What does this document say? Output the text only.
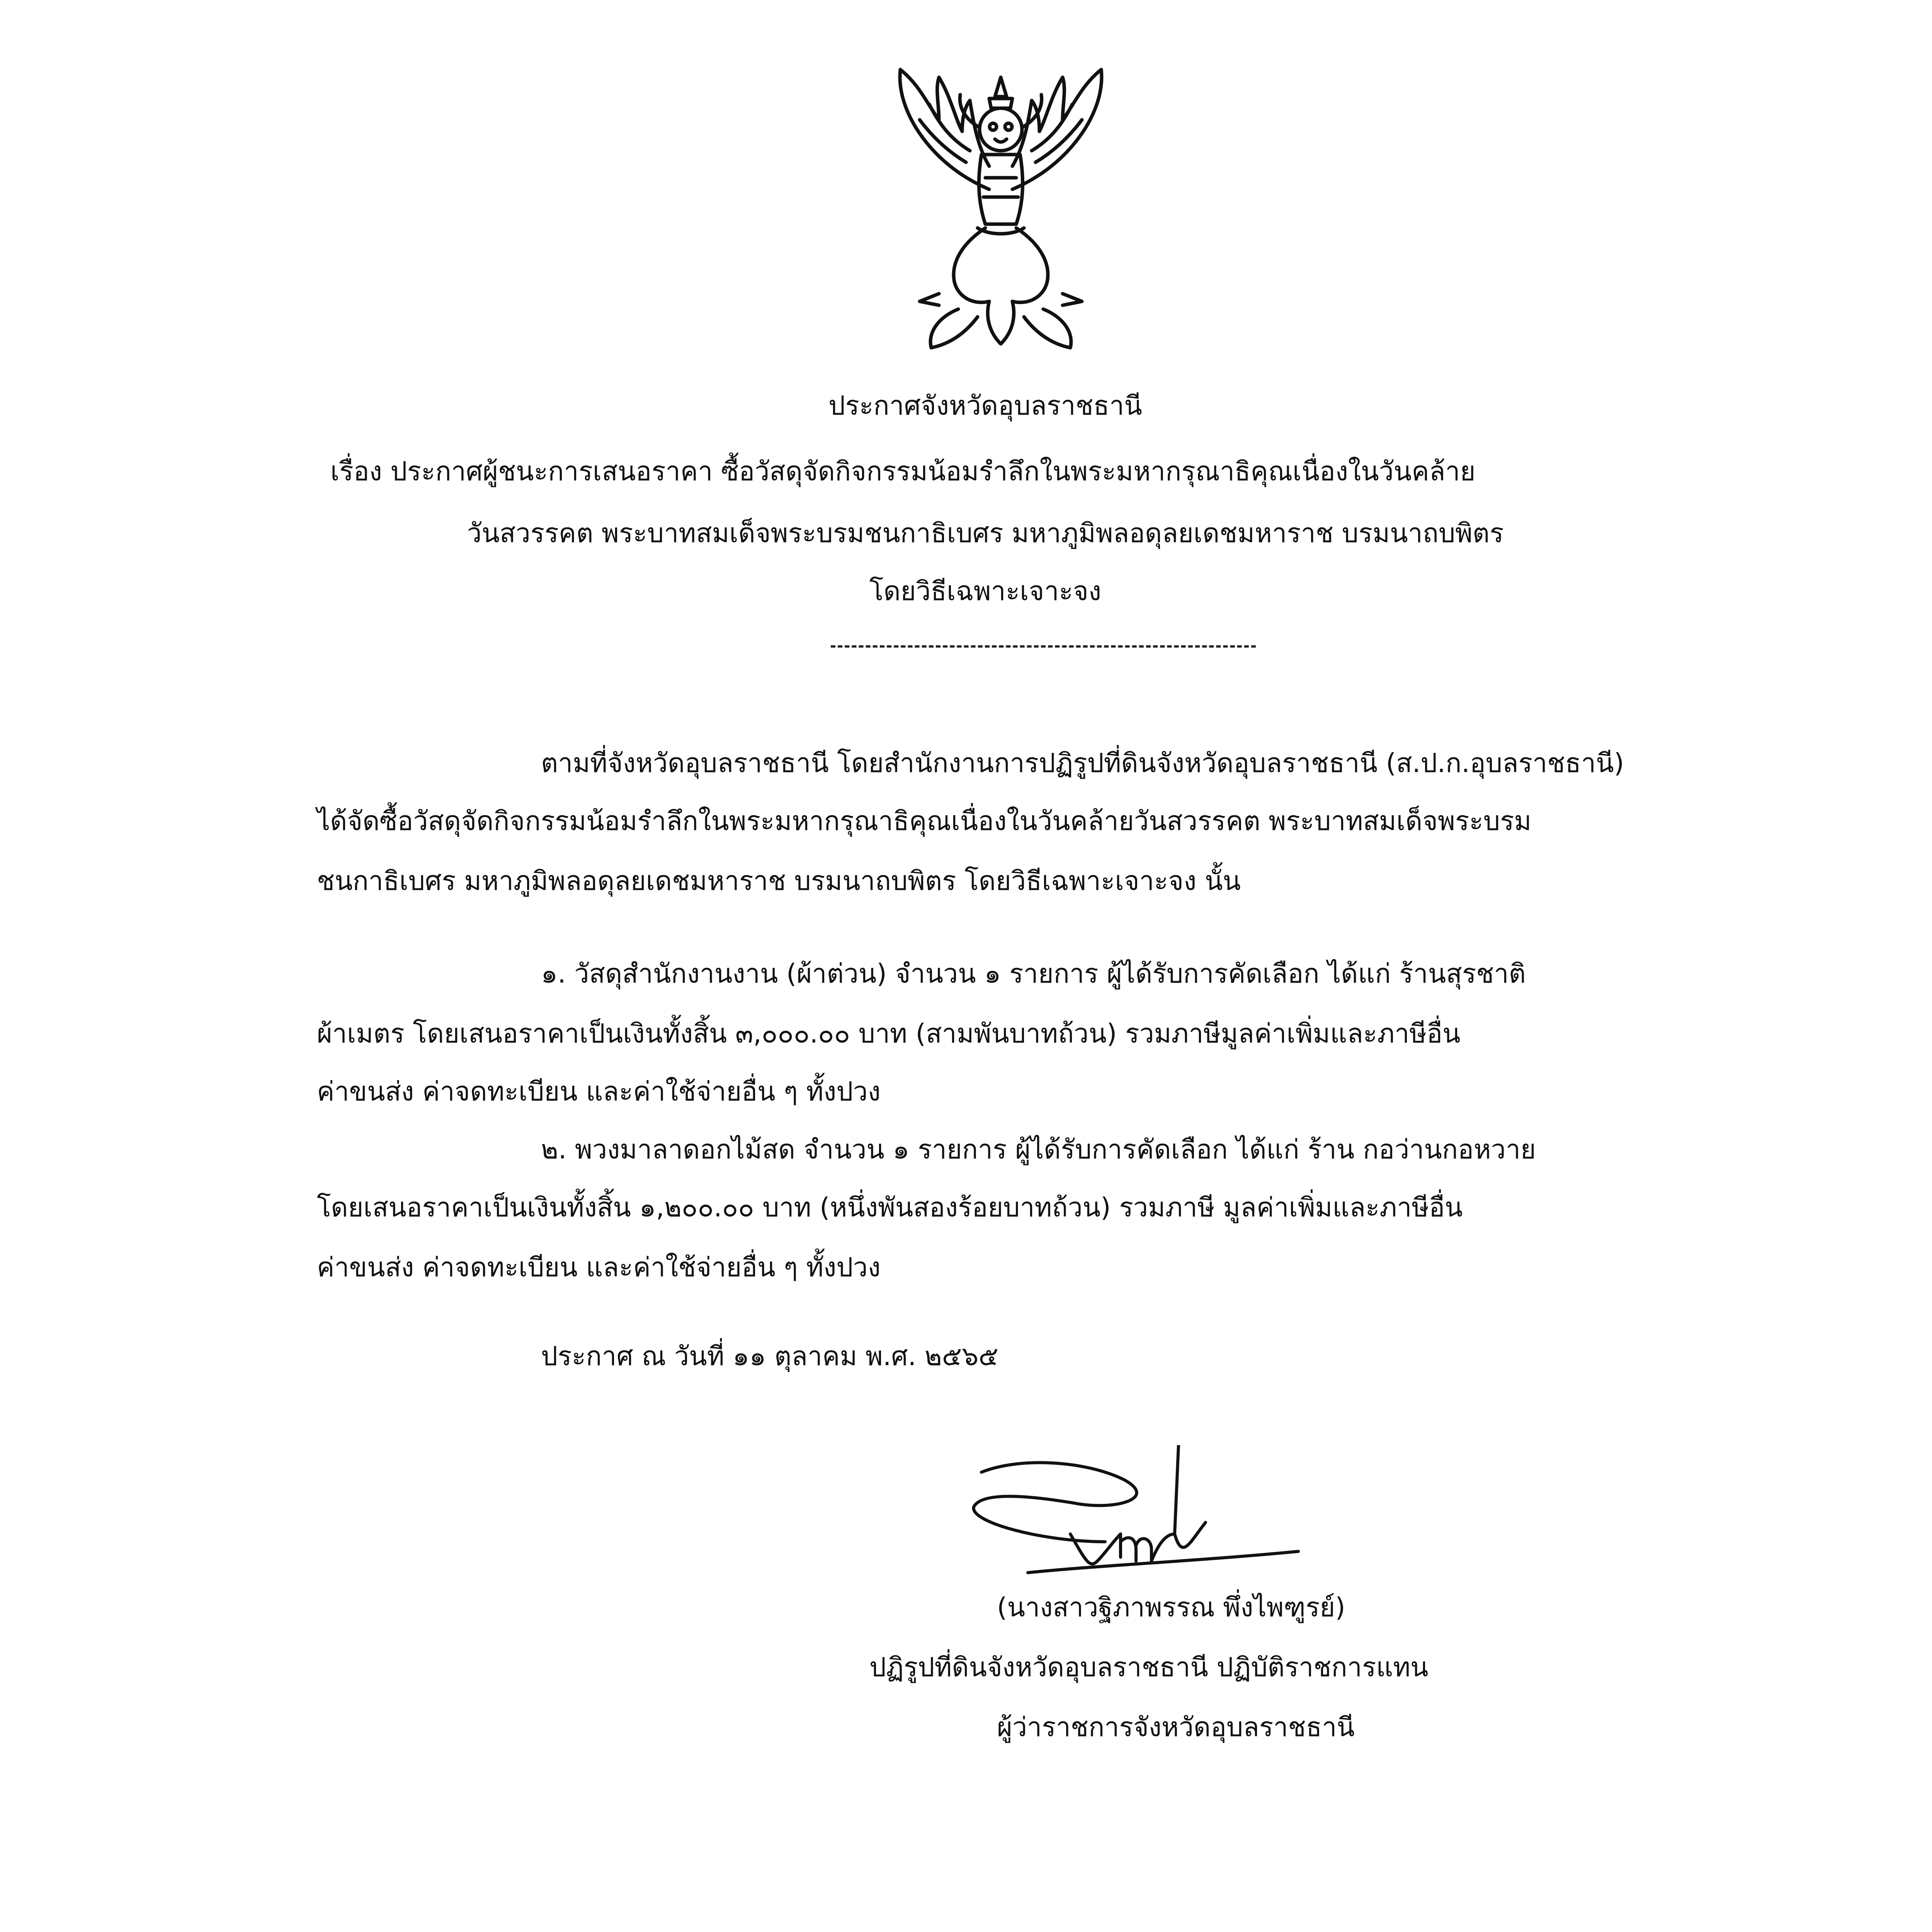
ประกาศจังหวัดอุบลราชธานี
เรื่อง ประกาศผู้ชนะการเสนอราคา ซื้อวัสดุจัดกิจกรรมน้อมรำลึกในพระมหากรุณาธิคุณเนื่องในวันคล้าย
วันสวรรคต พระบาทสมเด็จพระบรมชนกาธิเบศร มหาภูมิพลอดุลยเดชมหาราช บรมนาถบพิตร
โดยวิธีเฉพาะเจาะจง
ตามที่จังหวัดอุบลราชธานี โดยสำนักงานการปฏิรูปที่ดินจังหวัดอุบลราชธานี (ส.ป.ก.อุบลราชธานี)
ได้จัดซื้อวัสดุจัดกิจกรรมน้อมรำลึกในพระมหากรุณาธิคุณเนื่องในวันคล้ายวันสวรรคต พระบาทสมเด็จพระบรม
ชนกาธิเบศร มหาภูมิพลอดุลยเดชมหาราช บรมนาถบพิตร โดยวิธีเฉพาะเจาะจง นั้น
๑. วัสดุสำนักงานงาน (ผ้าต่วน) จำนวน ๑ รายการ ผู้ได้รับการคัดเลือก ได้แก่ ร้านสุรชาติ
ผ้าเมตร โดยเสนอราคาเป็นเงินทั้งสิ้น ๓,๐๐๐.๐๐ บาท (สามพันบาทถ้วน) รวมภาษีมูลค่าเพิ่มและภาษีอื่น
ค่าขนส่ง ค่าจดทะเบียน และค่าใช้จ่ายอื่น ๆ ทั้งปวง
๒. พวงมาลาดอกไม้สด จำนวน ๑ รายการ ผู้ได้รับการคัดเลือก ได้แก่ ร้าน กอว่านกอหวาย
โดยเสนอราคาเป็นเงินทั้งสิ้น ๑,๒๐๐.๐๐ บาท (หนึ่งพันสองร้อยบาทถ้วน) รวมภาษี มูลค่าเพิ่มและภาษีอื่น
ค่าขนส่ง ค่าจดทะเบียน และค่าใช้จ่ายอื่น ๆ ทั้งปวง
ประกาศ ณ วันที่ ๑๑ ตุลาคม พ.ศ. ๒๕๖๕
(นางสาวฐิภาพรรณ พึ่งไพฑูรย์)
ปฏิรูปที่ดินจังหวัดอุบลราชธานี ปฏิบัติราชการแทน
ผู้ว่าราชการจังหวัดอุบลราชธานี
